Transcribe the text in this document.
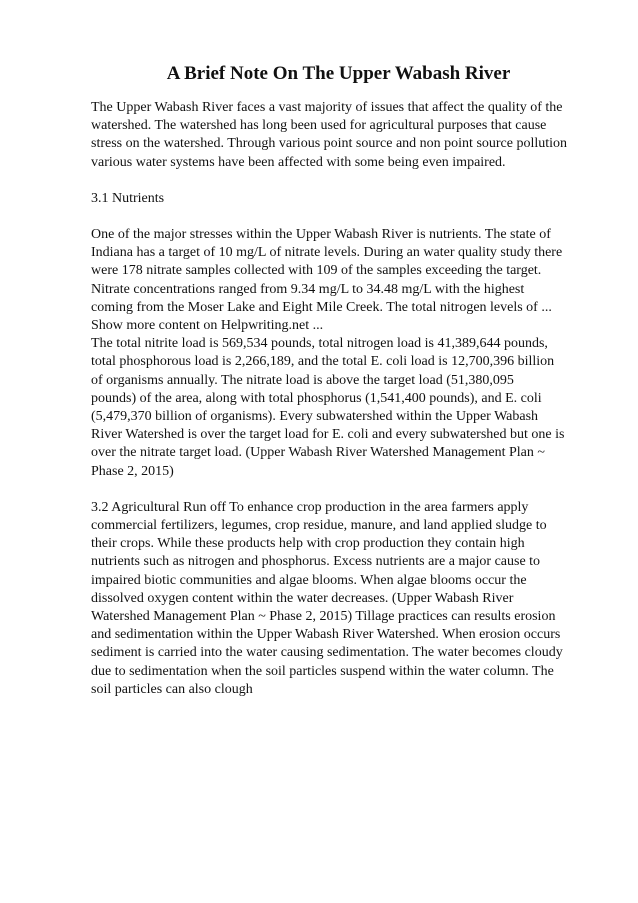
A Brief Note On The Upper Wabash River

The Upper Wabash River faces a vast majority of issues that affect the quality of the
watershed. The watershed has long been used for agricultural purposes that cause
stress on the watershed. Through various point source and non point source pollution
various water systems have been affected with some being even impaired.

3.1 Nutrients

One of the major stresses within the Upper Wabash River is nutrients. The state of
Indiana has a target of 10 mg/L of nitrate levels. During an water quality study there
were 178 nitrate samples collected with 109 of the samples exceeding the target.
Nitrate concentrations ranged from 9.34 mg/L to 34.48 mg/L with the highest
coming from the Moser Lake and Eight Mile Creek. The total nitrogen levels of ...
Show more content on Helpwriting.net ...

The total nitrite load is 569,534 pounds, total nitrogen load is 41,389,644 pounds,
total phosphorous load is 2,266,189, and the total E. coli load is 12,700,396 billion
of organisms annually. The nitrate load is above the target load (51,380,095
pounds) of the area, along with total phosphorus (1,541,400 pounds), and E. coli
(5,479,370 billion of organisms). Every subwatershed within the Upper Wabash
River Watershed is over the target load for E. coli and every subwatershed but one is
over the nitrate target load. (Upper Wabash River Watershed Management Plan ~
Phase 2, 2015)

3.2 Agricultural Run off To enhance crop production in the area farmers apply
commercial fertilizers, legumes, crop residue, manure, and land applied sludge to
their crops. While these products help with crop production they contain high
nutrients such as nitrogen and phosphorus. Excess nutrients are a major cause to
impaired biotic communities and algae blooms. When algae blooms occur the
dissolved oxygen content within the water decreases. (Upper Wabash River
Watershed Management Plan ~ Phase 2, 2015) Tillage practices can results erosion
and sedimentation within the Upper Wabash River Watershed. When erosion occurs
sediment is carried into the water causing sedimentation. The water becomes cloudy
due to sedimentation when the soil particles suspend within the water column. The
soil particles can also clough
